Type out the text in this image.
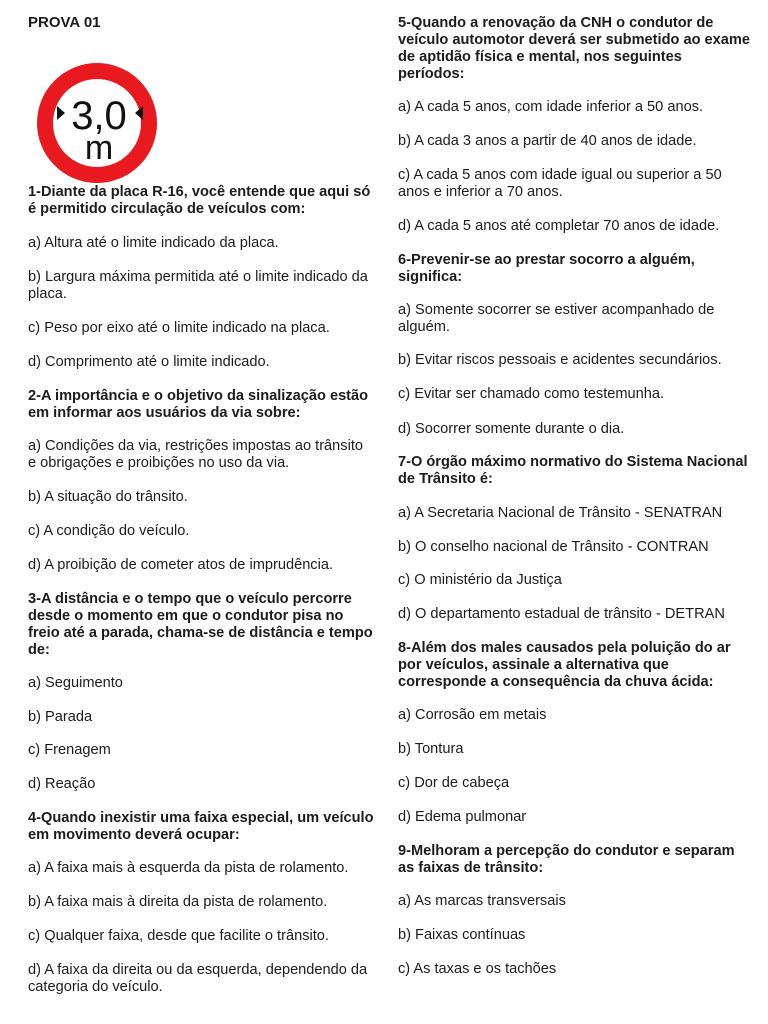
PROVA 01
3,0
m
1-Diante da placa R-16, você entende que aqui só é permitido circulação de veículos com:
a) Altura até o limite indicado da placa.
b) Largura máxima permitida até o limite indicado da placa.
c) Peso por eixo até o limite indicado na placa.
d) Comprimento até o limite indicado.
2-A importância e o objetivo da sinalização estão em informar aos usuários da via sobre:
a) Condições da via, restrições impostas ao trânsito e obrigações e proibições no uso da via.
b) A situação do trânsito.
c) A condição do veículo.
d) A proibição de cometer atos de imprudência.
3-A distância e o tempo que o veículo percorre desde o momento em que o condutor pisa no freio até a parada, chama-se de distância e tempo de:
a) Seguimento
b) Parada
c) Frenagem
d) Reação
4-Quando inexistir uma faixa especial, um veículo em movimento deverá ocupar:
a) A faixa mais à esquerda da pista de rolamento.
b) A faixa mais à direita da pista de rolamento.
c) Qualquer faixa, desde que facilite o trânsito.
d) A faixa da direita ou da esquerda, dependendo da categoria do veículo.
5-Quando a renovação da CNH o condutor de veículo automotor deverá ser submetido ao exame de aptidão física e mental, nos seguintes períodos:
a) A cada 5 anos, com idade inferior a 50 anos.
b) A cada 3 anos a partir de 40 anos de idade.
c) A cada 5 anos com idade igual ou superior a 50 anos e inferior a 70 anos.
d) A cada 5 anos até completar 70 anos de idade.
6-Prevenir-se ao prestar socorro a alguém, significa:
a) Somente socorrer se estiver acompanhado de alguém.
b) Evitar riscos pessoais e acidentes secundários.
c) Evitar ser chamado como testemunha.
d) Socorrer somente durante o dia.
7-O órgão máximo normativo do Sistema Nacional de Trânsito é:
a) A Secretaria Nacional de Trânsito - SENATRAN
b) O conselho nacional de Trânsito - CONTRAN
c) O ministério da Justiça
d) O departamento estadual de trânsito - DETRAN
8-Além dos males causados pela poluição do ar por veículos, assinale a alternativa que corresponde a consequência da chuva ácida:
a) Corrosão em metais
b) Tontura
c) Dor de cabeça
d) Edema pulmonar
9-Melhoram a percepção do condutor e separam as faixas de trânsito:
a) As marcas transversais
b) Faixas contínuas
c) As taxas e os tachões
